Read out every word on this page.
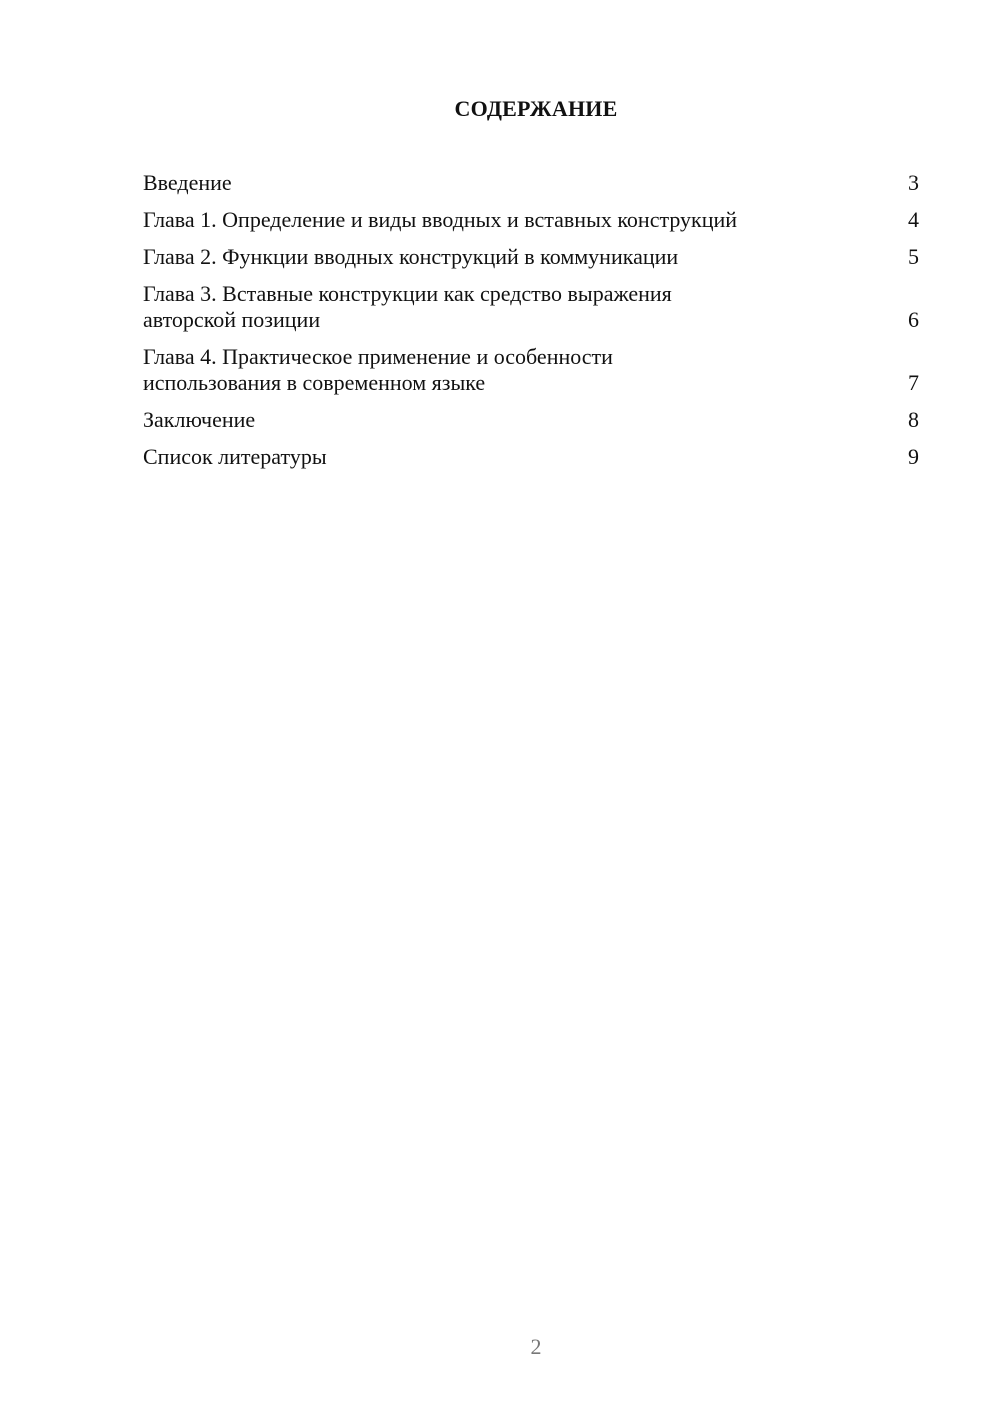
СОДЕРЖАНИЕ
Введение	3
Глава 1. Определение и виды вводных и вставных конструкций	4
Глава 2. Функции вводных конструкций в коммуникации	5
Глава 3. Вставные конструкции как средство выражения авторской позиции	6
Глава 4. Практическое применение и особенности использования в современном языке	7
Заключение	8
Список литературы	9
2
